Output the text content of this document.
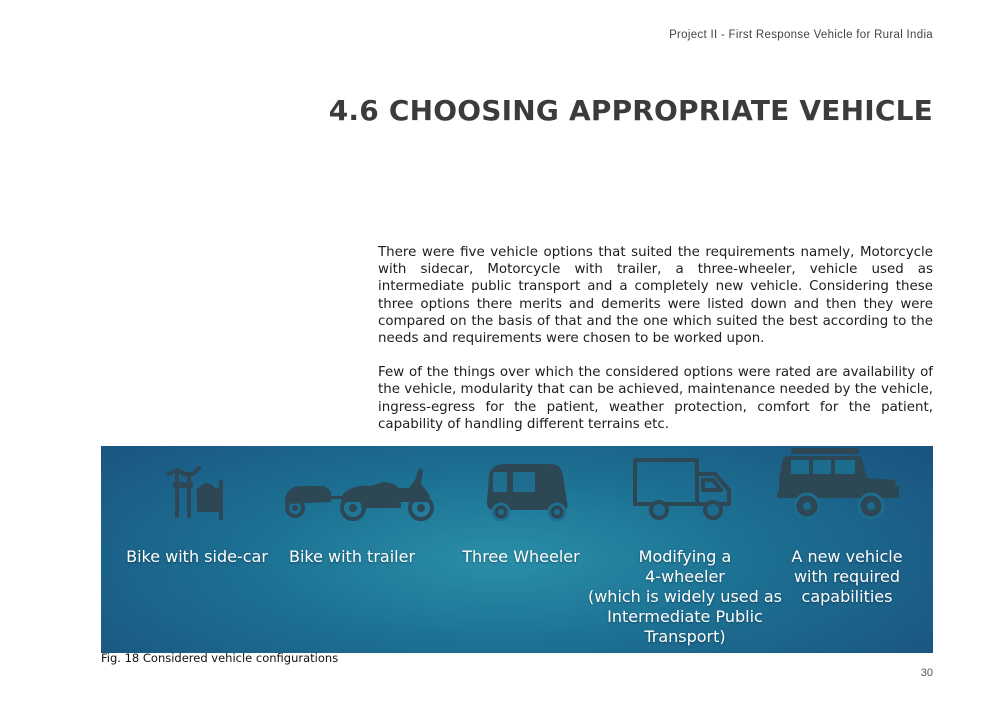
Project II - First Response Vehicle for Rural India
4.6 CHOOSING APPROPRIATE VEHICLE

There were five vehicle options that suited the requirements namely, Motorcycle with sidecar, Motorcycle with trailer, a three-wheeler, vehicle used as intermediate public transport and a completely new vehicle. Considering these three options there merits and demerits were listed down and then they were compared on the basis of that and the one which suited the best according to the needs and requirements were chosen to be worked upon.

Few of the things over which the considered options were rated are availability of the vehicle, modularity that can be achieved, maintenance needed by the vehicle, ingress-egress for the patient, weather protection, comfort for the patient, capability of handling different terrains etc.

Bike with side-car	Bike with trailer	Three Wheeler	Modifying a
4-wheeler
(which is widely used as
Intermediate Public
Transport)
A new vehicle
with required
capabilities
Fig. 18 Considered vehicle configurations
30
